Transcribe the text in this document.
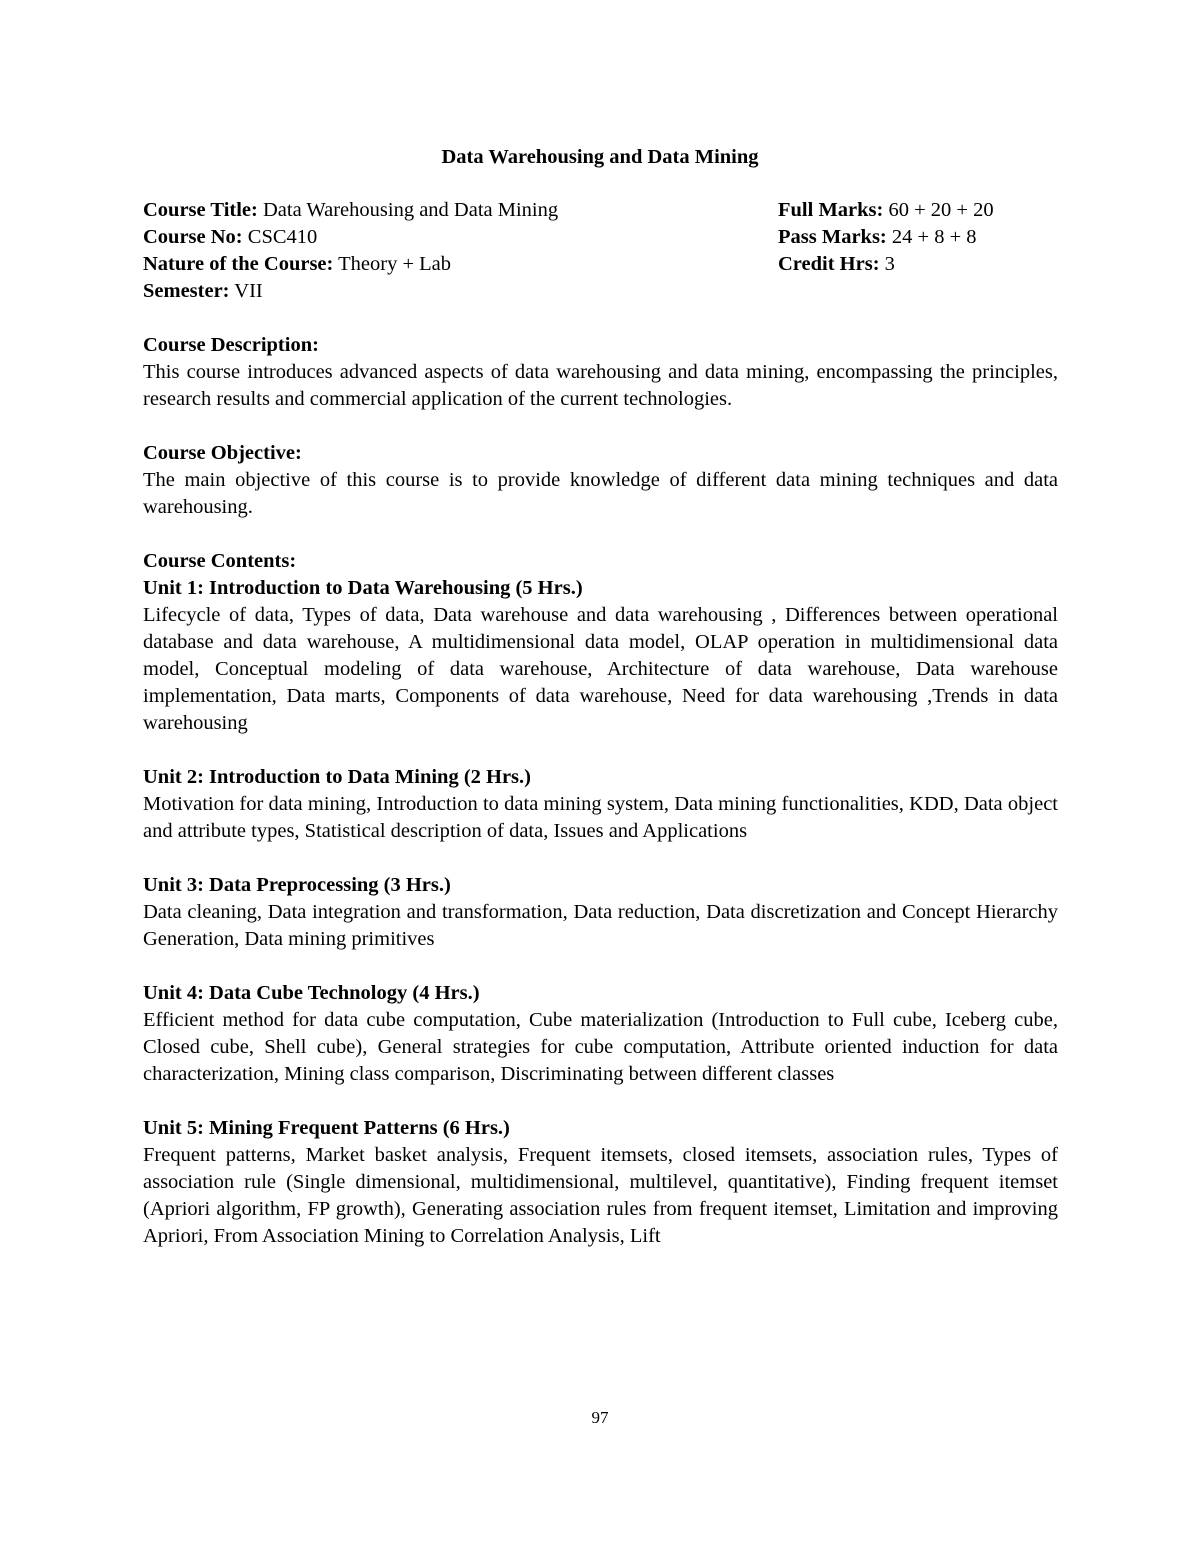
Data Warehousing and Data Mining
Course Title: Data Warehousing and Data Mining
Course No: CSC410
Nature of the Course: Theory + Lab
Semester: VII
Full Marks: 60 + 20 + 20
Pass Marks: 24 + 8 + 8
Credit Hrs: 3
Course Description:

This course introduces advanced aspects of data warehousing and data mining, encompassing the principles, research results and commercial application of the current technologies.

Course Objective:

The main objective of this course is to provide knowledge of different data mining techniques and data warehousing.

Course Contents:
Unit 1: Introduction to Data Warehousing (5 Hrs.)

Lifecycle of data, Types of data, Data warehouse and data warehousing , Differences between operational database and data warehouse, A multidimensional data model, OLAP operation in multidimensional data model, Conceptual modeling of data warehouse, Architecture of data warehouse, Data warehouse implementation, Data marts, Components of data warehouse, Need for data warehousing ,Trends in data warehousing

Unit 2: Introduction to Data Mining (2 Hrs.)

Motivation for data mining, Introduction to data mining system, Data mining functionalities, KDD, Data object and attribute types, Statistical description of data, Issues and Applications

Unit 3: Data Preprocessing (3 Hrs.)

Data cleaning, Data integration and transformation, Data reduction, Data discretization and Concept Hierarchy Generation, Data mining primitives

Unit 4: Data Cube Technology (4 Hrs.)

Efficient method for data cube computation, Cube materialization (Introduction to Full cube, Iceberg cube, Closed cube, Shell cube), General strategies for cube computation, Attribute oriented induction for data characterization, Mining class comparison, Discriminating between different classes

Unit 5: Mining Frequent Patterns (6 Hrs.)

Frequent patterns, Market basket analysis, Frequent itemsets, closed itemsets, association rules, Types of association rule (Single dimensional, multidimensional, multilevel, quantitative), Finding frequent itemset (Apriori algorithm, FP growth), Generating association rules from frequent itemset, Limitation and improving Apriori, From Association Mining to Correlation Analysis, Lift

97
